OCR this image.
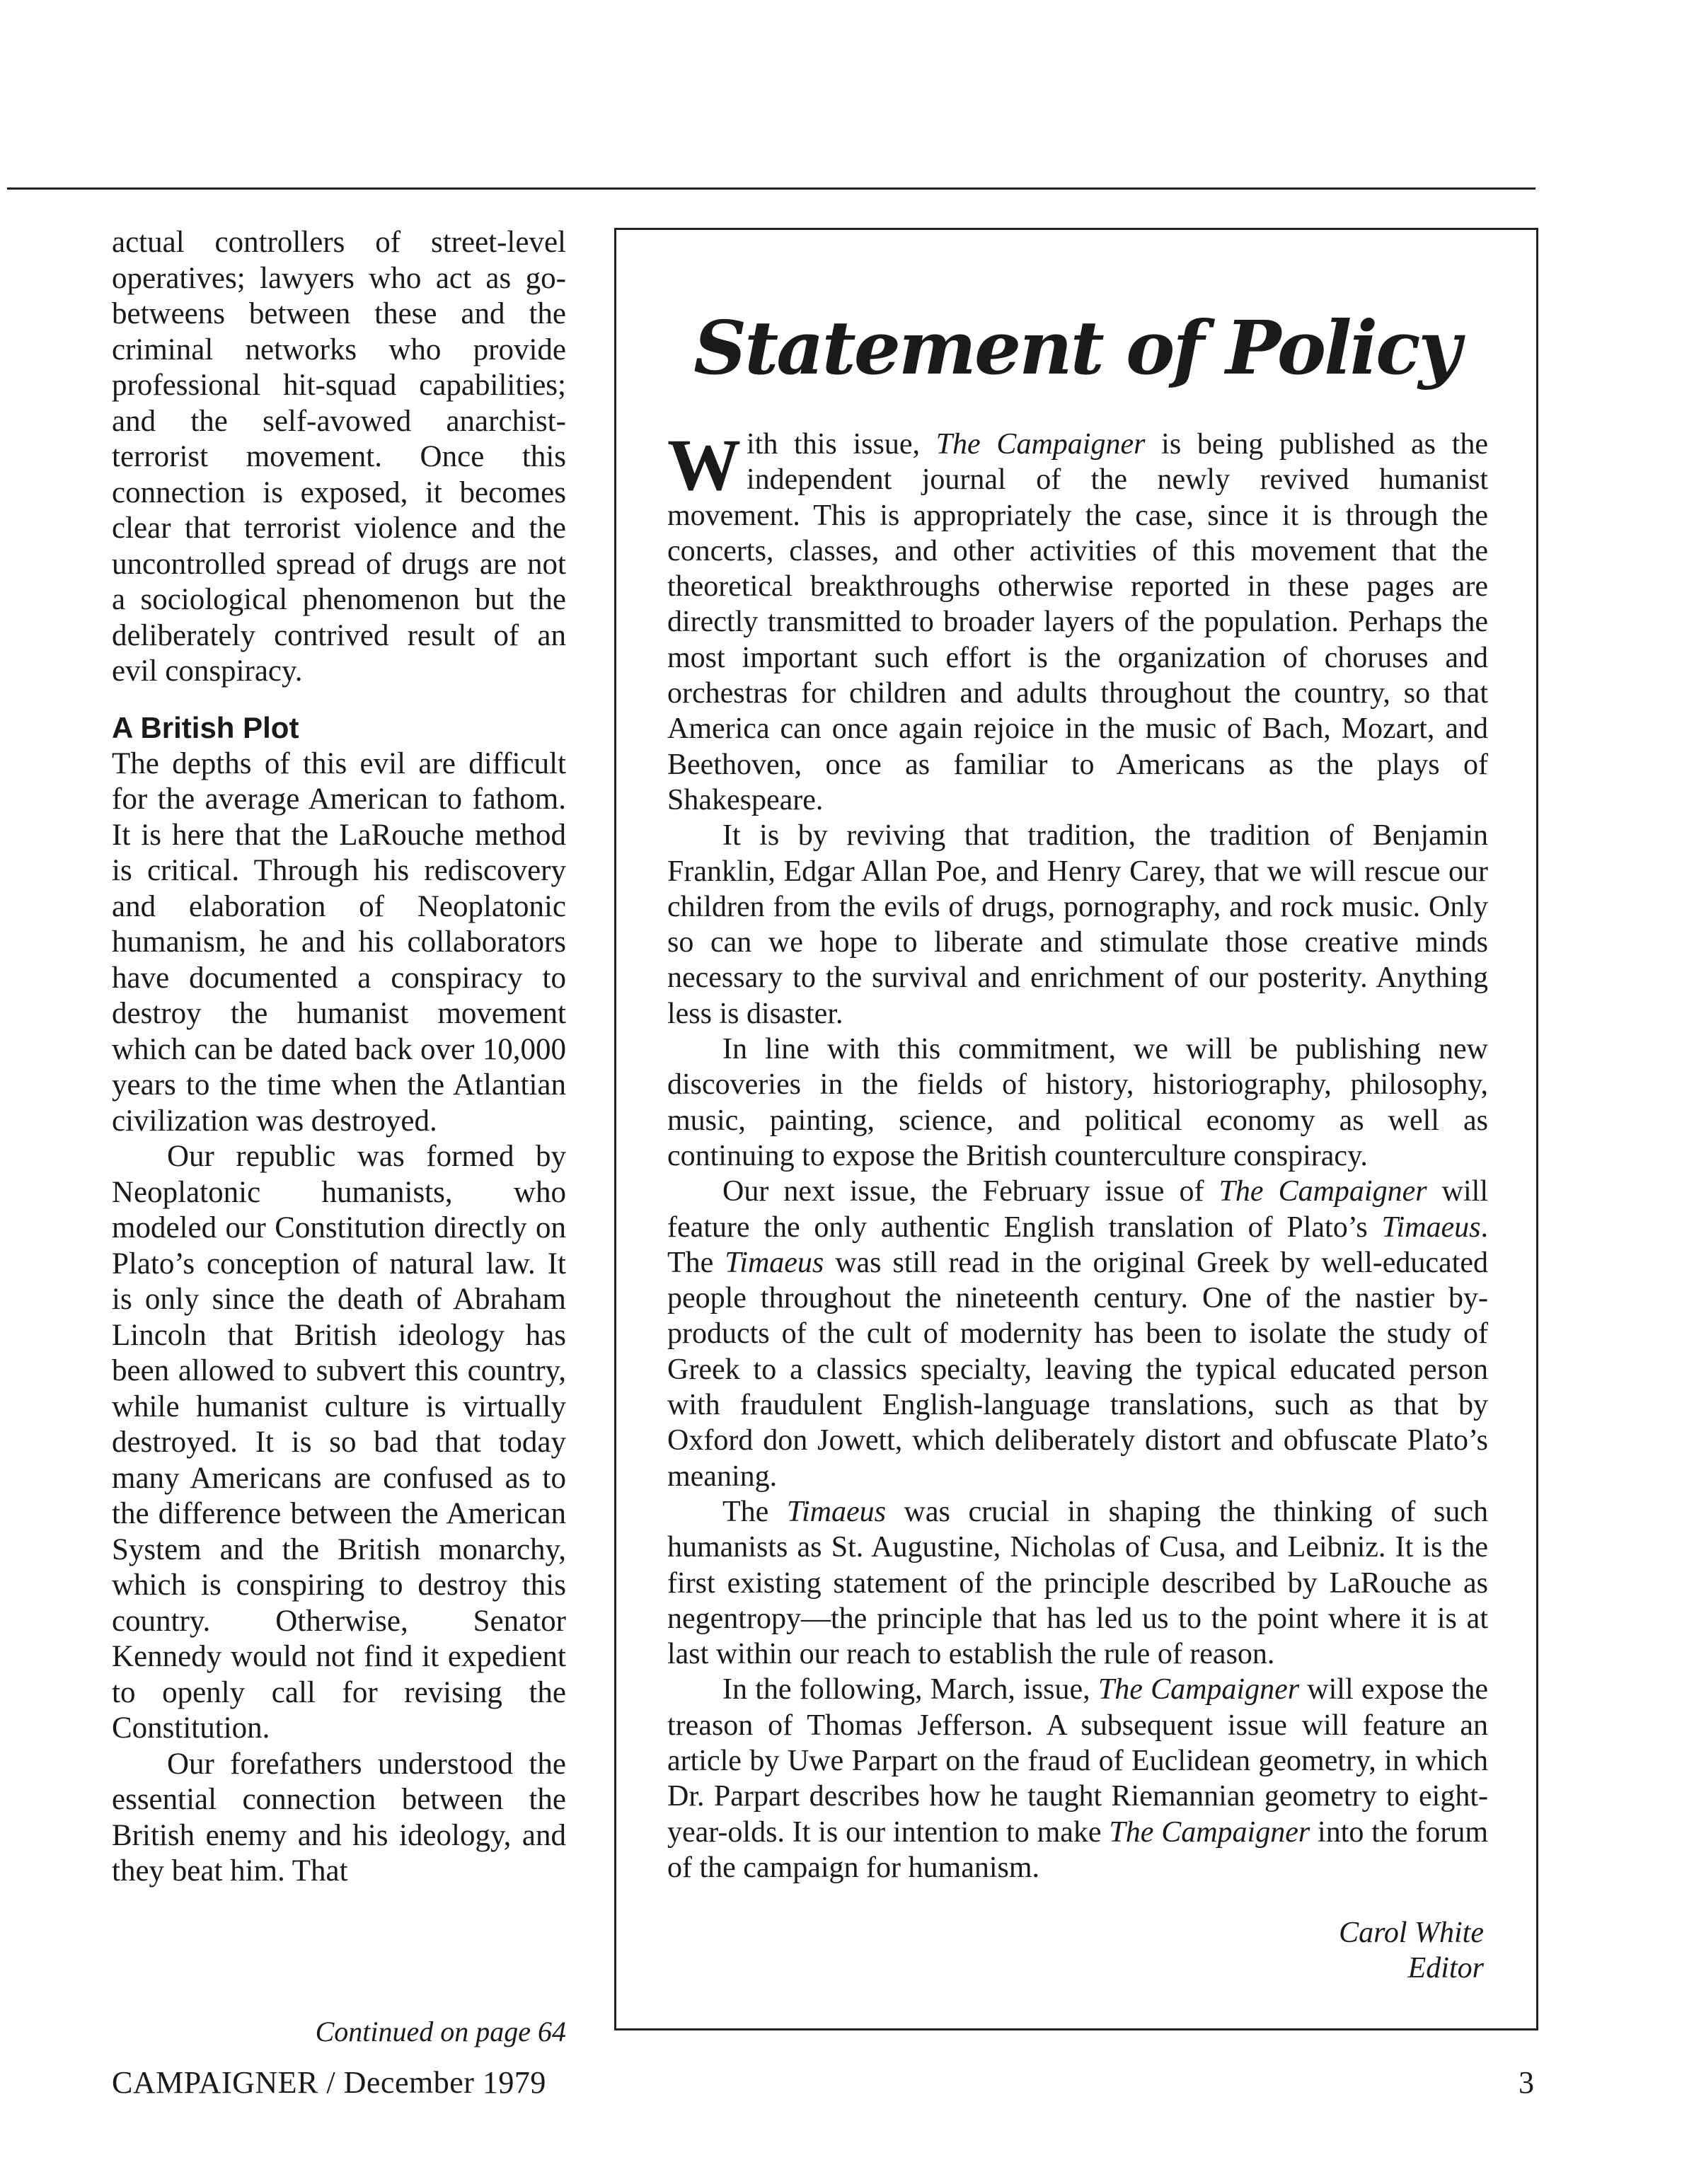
actual controllers of street-level operatives; lawyers who act as go-betweens between these and the criminal networks who provide professional hit-squad capabilities; and the self-avowed anarchist-terrorist movement. Once this connection is exposed, it becomes clear that terrorist violence and the uncontrolled spread of drugs are not a sociological phenomenon but the deliberately contrived result of an evil conspiracy.

A British Plot

The depths of this evil are difficult for the average American to fathom. It is here that the LaRouche method is critical. Through his rediscovery and elaboration of Neoplatonic humanism, he and his collaborators have documented a conspiracy to destroy the humanist movement which can be dated back over 10,000 years to the time when the Atlantian civilization was destroyed.

Our republic was formed by Neoplatonic humanists, who modeled our Constitution directly on Plato’s conception of natural law. It is only since the death of Abraham Lincoln that British ideology has been allowed to subvert this country, while humanist culture is virtually destroyed. It is so bad that today many Americans are confused as to the difference between the American System and the British monarchy, which is conspiring to destroy this country. Otherwise, Senator Kennedy would not find it expedient to openly call for revising the Constitution.

Our forefathers understood the essential connection between the British enemy and his ideology, and they beat him. That

Continued on page 64
Statement of Policy

With this issue, The Campaigner is being published as the independent journal of the newly revived humanist movement. This is appropriately the case, since it is through the concerts, classes, and other activities of this movement that the theoretical breakthroughs otherwise reported in these pages are directly transmitted to broader layers of the population. Perhaps the most important such effort is the organization of choruses and orchestras for children and adults throughout the country, so that America can once again rejoice in the music of Bach, Mozart, and Beethoven, once as familiar to Americans as the plays of Shakespeare.

It is by reviving that tradition, the tradition of Benjamin Franklin, Edgar Allan Poe, and Henry Carey, that we will rescue our children from the evils of drugs, pornography, and rock music. Only so can we hope to liberate and stimulate those creative minds necessary to the survival and enrichment of our posterity. Anything less is disaster.

In line with this commitment, we will be publishing new discoveries in the fields of history, historiography, philosophy, music, painting, science, and political economy as well as continuing to expose the British counterculture conspiracy.

Our next issue, the February issue of The Campaigner will feature the only authentic English translation of Plato’s Timaeus. The Timaeus was still read in the original Greek by well-educated people throughout the nineteenth century. One of the nastier by-products of the cult of modernity has been to isolate the study of Greek to a classics specialty, leaving the typical educated person with fraudulent English-language translations, such as that by Oxford don Jowett, which deliberately distort and obfuscate Plato’s meaning.

The Timaeus was crucial in shaping the thinking of such humanists as St. Augustine, Nicholas of Cusa, and Leibniz. It is the first existing statement of the principle described by LaRouche as negentropy—the principle that has led us to the point where it is at last within our reach to establish the rule of reason.

In the following, March, issue, The Campaigner will expose the treason of Thomas Jefferson. A subsequent issue will feature an article by Uwe Parpart on the fraud of Euclidean geometry, in which Dr. Parpart describes how he taught Riemannian geometry to eight-year-olds. It is our intention to make The Campaigner into the forum of the campaign for humanism.

Carol White
Editor
CAMPAIGNER / December 1979	3
